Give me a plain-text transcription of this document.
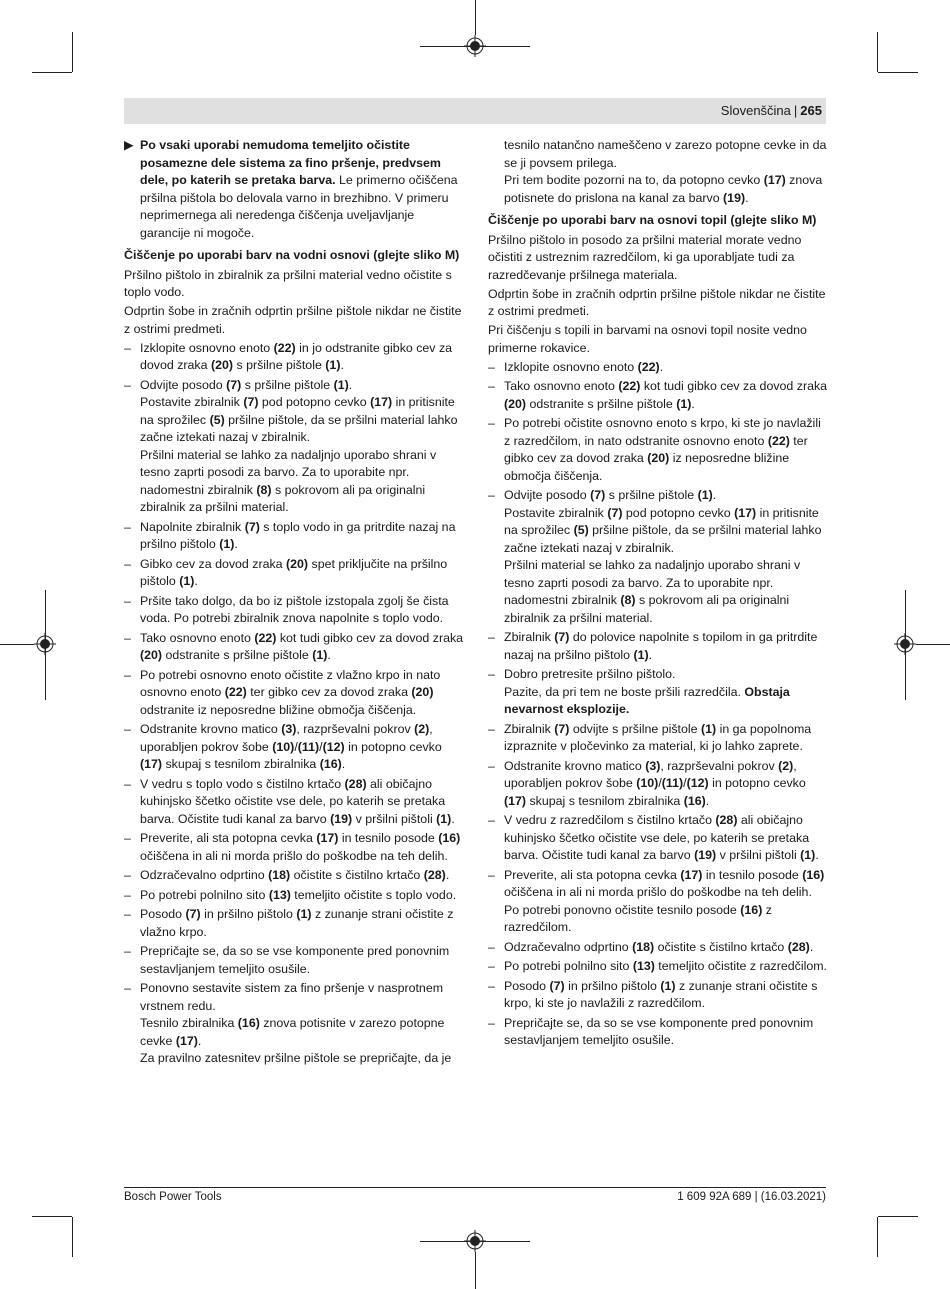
Slovenščina | 265
▶ Po vsaki uporabi nemudoma temeljito očistite posamezne dele sistema za fino pršenje, predvsem dele, po katerih se pretaka barva. Le primerno očiščena pršilna pištola bo delovala varno in brezhibno. V primeru neprimernega ali neredenga čiščenja uveljavljanje garancije ni mogoče.
Čiščenje po uporabi barv na vodni osnovi (glejte sliko M)
Pršilno pištolo in zbiralnik za pršilni material vedno očistite s toplo vodo.
Odprtin šobe in zračnih odprtin pršilne pištole nikdar ne čistite z ostrimi predmeti.
– Izklopite osnovno enoto (22) in jo odstranite gibko cev za dovod zraka (20) s pršilne pištole (1).
– Odvijte posodo (7) s pršilne pištole (1).
Postavite zbiralnik (7) pod potopno cevko (17) in pritisnite na sprožilec (5) pršilne pištole, da se pršilni material lahko začne iztekati nazaj v zbiralnik.
Pršilni material se lahko za nadaljnjo uporabo shrani v tesno zaprti posodi za barvo. Za to uporabite npr. nadomestni zbiralnik (8) s pokrovom ali pa originalni zbiralnik za pršilni material.
– Napolnite zbiralnik (7) s toplo vodo in ga pritrdite nazaj na pršilno pištolo (1).
– Gibko cev za dovod zraka (20) spet priključite na pršilno pištolo (1).
– Pršite tako dolgo, da bo iz pištole izstopala zgolj še čista voda. Po potrebi zbiralnik znova napolnite s toplo vodo.
– Tako osnovno enoto (22) kot tudi gibko cev za dovod zraka (20) odstranite s pršilne pištole (1).
– Po potrebi osnovno enoto očistite z vlažno krpo in nato osnovno enoto (22) ter gibko cev za dovod zraka (20) odstranite iz neposredne bližine območja čiščenja.
– Odstranite krovno matico (3), razprševalni pokrov (2), uporabljen pokrov šobe (10)/(11)/(12) in potopno cevko (17) skupaj s tesnilom zbiralnika (16).
– V vedru s toplo vodo s čistilno krtačo (28) ali običajno kuhinjsko ščetko očistite vse dele, po katerih se pretaka barva. Očistite tudi kanal za barvo (19) v pršilni pištoli (1).
– Preverite, ali sta potopna cevka (17) in tesnilo posode (16) očiščena in ali ni morda prišlo do poškodbe na teh delih.
– Odzračevalno odprtino (18) očistite s čistilno krtačo (28).
– Po potrebi polnilno sito (13) temeljito očistite s toplo vodo.
– Posodo (7) in pršilno pištolo (1) z zunanje strani očistite z vlažno krpo.
– Prepričajte se, da so se vse komponente pred ponovnim sestavljanjem temeljito osušile.
– Ponovno sestavite sistem za fino pršenje v nasprotnem vrstnem redu.
Tesnilo zbiralnika (16) znova potisnite v zarezo potopne cevke (17).
Za pravilno zatesnitev pršilne pištole se prepričajte, da je
tesnilo natančno nameščeno v zarezo potopne cevke in da se ji povsem prilega.
Pri tem bodite pozorni na to, da potopno cevko (17) znova potisnete do prislona na kanal za barvo (19).
Čiščenje po uporabi barv na osnovi topil (glejte sliko M)
Pršilno pištolo in posodo za pršilni material morate vedno očistiti z ustreznim razredčilom, ki ga uporabljate tudi za razredčevanje pršilnega materiala.
Odprtin šobe in zračnih odprtin pršilne pištole nikdar ne čistite z ostrimi predmeti.
Pri čiščenju s topili in barvami na osnovi topil nosite vedno primerne rokavice.
– Izklopite osnovno enoto (22).
– Tako osnovno enoto (22) kot tudi gibko cev za dovod zraka (20) odstranite s pršilne pištole (1).
– Po potrebi očistite osnovno enoto s krpo, ki ste jo navlažili z razredčilom, in nato odstranite osnovno enoto (22) ter gibko cev za dovod zraka (20) iz neposredne bližine območja čiščenja.
– Odvijte posodo (7) s pršilne pištole (1).
Postavite zbiralnik (7) pod potopno cevko (17) in pritisnite na sprožilec (5) pršilne pištole, da se pršilni material lahko začne iztekati nazaj v zbiralnik.
Pršilni material se lahko za nadaljnjo uporabo shrani v tesno zaprti posodi za barvo. Za to uporabite npr. nadomestni zbiralnik (8) s pokrovom ali pa originalni zbiralnik za pršilni material.
– Zbiralnik (7) do polovice napolnite s topilom in ga pritrdite nazaj na pršilno pištolo (1).
– Dobro pretresite pršilno pištolo.
Pazite, da pri tem ne boste pršili razredčila. Obstaja nevarnost eksplozije.
– Zbiralnik (7) odvijte s pršilne pištole (1) in ga popolnoma izpraznite v pločevinko za material, ki jo lahko zaprete.
– Odstranite krovno matico (3), razprševalni pokrov (2), uporabljen pokrov šobe (10)/(11)/(12) in potopno cevko (17) skupaj s tesnilom zbiralnika (16).
– V vedru z razredčilom s čistilno krtačo (28) ali običajno kuhinjsko ščetko očistite vse dele, po katerih se pretaka barva. Očistite tudi kanal za barvo (19) v pršilni pištoli (1).
– Preverite, ali sta potopna cevka (17) in tesnilo posode (16) očiščena in ali ni morda prišlo do poškodbe na teh delih.
Po potrebi ponovno očistite tesnilo posode (16) z razredčilom.
– Odzračevalno odprtino (18) očistite s čistilno krtačo (28).
– Po potrebi polnilno sito (13) temeljito očistite z razredčilom.
– Posodo (7) in pršilno pištolo (1) z zunanje strani očistite s krpo, ki ste jo navlažili z razredčilom.
– Prepričajte se, da so se vse komponente pred ponovnim sestavljanjem temeljito osušile.
Bosch Power Tools	1 609 92A 689 | (16.03.2021)
